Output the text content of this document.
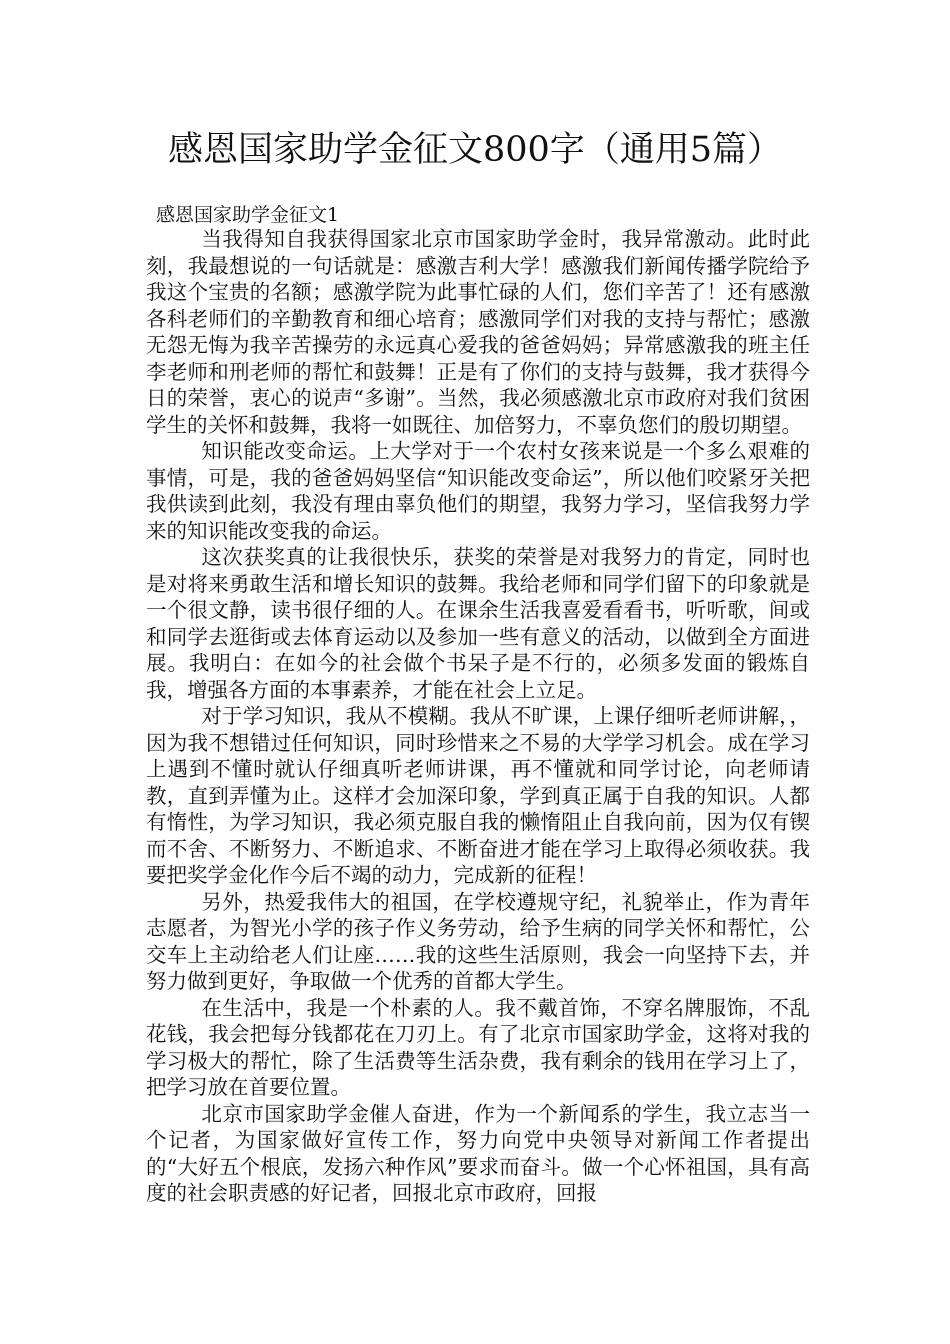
感恩国家助学金征文800字（通用5篇）
感恩国家助学金征文1

当我得知自我获得国家北京市国家助学金时，我异常激动。此时此刻，我最想说的一句话就是：感激吉利大学！感激我们新闻传播学院给予我这个宝贵的名额；感激学院为此事忙碌的人们，您们辛苦了！还有感激各科老师们的辛勤教育和细心培育；感激同学们对我的支持与帮忙；感激无怨无悔为我辛苦操劳的永远真心爱我的爸爸妈妈；异常感激我的班主任李老师和刑老师的帮忙和鼓舞！正是有了你们的支持与鼓舞，我才获得今日的荣誉，衷心的说声“多谢”。当然，我必须感激北京市政府对我们贫困学生的关怀和鼓舞，我将一如既往、加倍努力，不辜负您们的殷切期望。

知识能改变命运。上大学对于一个农村女孩来说是一个多么艰难的事情，可是，我的爸爸妈妈坚信“知识能改变命运”，所以他们咬紧牙关把我供读到此刻，我没有理由辜负他们的期望，我努力学习，坚信我努力学来的知识能改变我的命运。

这次获奖真的让我很快乐，获奖的荣誉是对我努力的肯定，同时也是对将来勇敢生活和增长知识的鼓舞。我给老师和同学们留下的印象就是一个很文静，读书很仔细的人。在课余生活我喜爱看看书，听听歌，间或和同学去逛街或去体育运动以及参加一些有意义的活动，以做到全方面进展。我明白：在如今的社会做个书呆子是不行的，必须多发面的锻炼自我，增强各方面的本事素养，才能在社会上立足。

对于学习知识，我从不模糊。我从不旷课，上课仔细听老师讲解，，因为我不想错过任何知识，同时珍惜来之不易的大学学习机会。成在学习上遇到不懂时就认仔细真听老师讲课，再不懂就和同学讨论，向老师请教，直到弄懂为止。这样才会加深印象，学到真正属于自我的知识。人都有惰性，为学习知识，我必须克服自我的懒惰阻止自我向前，因为仅有锲而不舍、不断努力、不断追求、不断奋进才能在学习上取得必须收获。我要把奖学金化作今后不竭的动力，完成新的征程！

另外，热爱我伟大的祖国，在学校遵规守纪，礼貌举止，作为青年志愿者，为智光小学的孩子作义务劳动，给予生病的同学关怀和帮忙，公交车上主动给老人们让座……我的这些生活原则，我会一向坚持下去，并努力做到更好，争取做一个优秀的首都大学生。

在生活中，我是一个朴素的人。我不戴首饰，不穿名牌服饰，不乱花钱，我会把每分钱都花在刀刃上。有了北京市国家助学金，这将对我的学习极大的帮忙，除了生活费等生活杂费，我有剩余的钱用在学习上了，把学习放在首要位置。

北京市国家助学金催人奋进，作为一个新闻系的学生，我立志当一个记者，为国家做好宣传工作，努力向党中央领导对新闻工作者提出的“大好五个根底，发扬六种作风”要求而奋斗。做一个心怀祖国，具有高度的社会职责感的好记者，回报北京市政府，回报
